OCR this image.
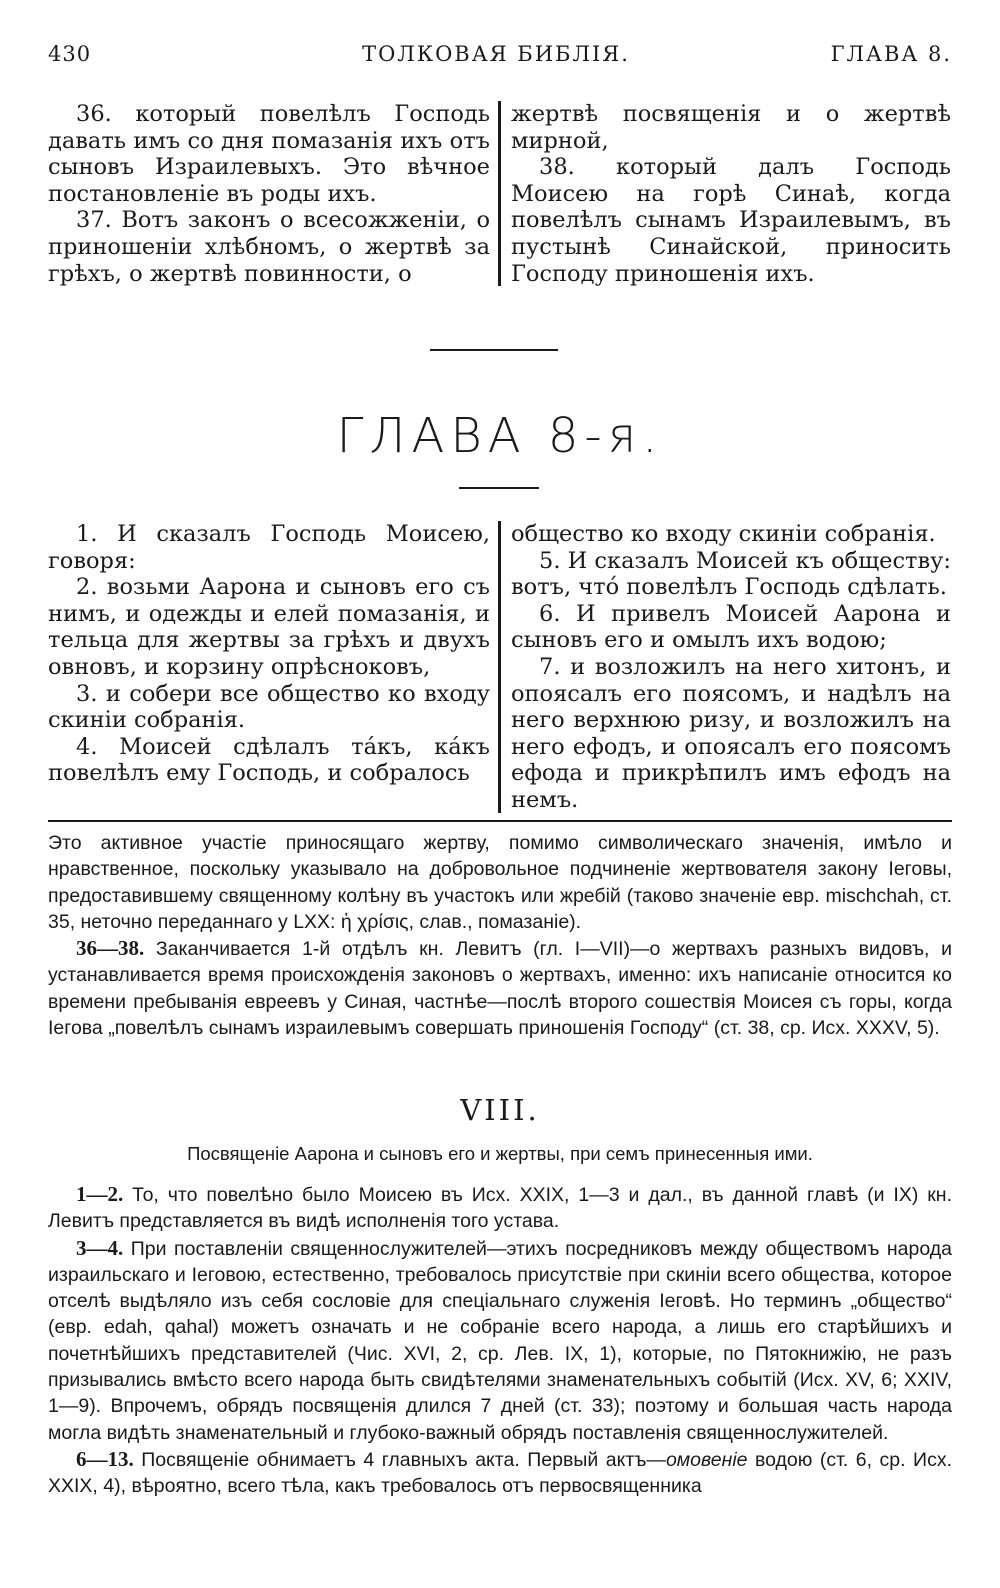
430	ТОЛКОВАЯ БИБЛІЯ.	ГЛАВА 8.

36. который повелѣлъ Господь давать имъ со дня помазанія ихъ отъ сыновъ Израилевыхъ. Это вѣчное постановленіе въ роды ихъ.

37. Вотъ законъ о всесожженіи, о приношеніи хлѣбномъ, о жертвѣ за грѣхъ, о жертвѣ повинности, о

жертвѣ посвященія и о жертвѣ мирной,

38. который далъ Господь Моисею на горѣ Синаѣ, когда повелѣлъ сынамъ Израилевымъ, въ пустынѣ Синайской, приносить Господу приношенія ихъ.

ГЛАВА 8-я.

1. И сказалъ Господь Моисею, говоря:

2. возьми Аарона и сыновъ его съ нимъ, и одежды и елей помазанія, и тельца для жертвы за грѣхъ и двухъ овновъ, и корзину опрѣсноковъ,

3. и собери все общество ко входу скиніи собранія.

4. Моисей сдѣлалъ тáкъ, кáкъ повелѣлъ ему Господь, и собралось

общество ко входу скиніи собранія.

5. И сказалъ Моисей къ обществу: вотъ, что́ повелѣлъ Господь сдѣлать.

6. И привелъ Моисей Аарона и сыновъ его и омылъ ихъ водою;

7. и возложилъ на него хитонъ, и опоясалъ его поясомъ, и надѣлъ на него верхнюю ризу, и возложилъ на него ефодъ, и опоясалъ его поясомъ ефода и прикрѣпилъ имъ ефодъ на немъ.

Это активное участіе приносящаго жертву, помимо символическаго значенія, имѣло и нравственное, поскольку указывало на добровольное подчиненіе жертвователя закону Іеговы, предоставившему священному колѣну въ участокъ или жребій (таково значеніе евр. mischchah, ст. 35, неточно переданнаго у LXX: ἡ χρίσις, слав., помазаніе).

36—38. Заканчивается 1-й отдѣлъ кн. Левитъ (гл. I—VII)—о жертвахъ разныхъ видовъ, и устанавливается время происхожденія законовъ о жертвахъ, именно: ихъ написаніе относится ко времени пребыванія евреевъ у Синая, частнѣе—послѣ второго сошествія Моисея съ горы, когда Іегова „повелѣлъ сынамъ израилевымъ совершать приношенія Господу“ (ст. 38, ср. Исх. XXXV, 5).

VIII.
Посвященіе Аарона и сыновъ его и жертвы, при семъ принесенныя ими.

1—2. То, что повелѣно было Моисею въ Исх. XXIX, 1—3 и дал., въ данной главѣ (и IX) кн. Левитъ представляется въ видѣ исполненія того устава.

3—4. При поставленіи священнослужителей—этихъ посредниковъ между обществомъ народа израильскаго и Іеговою, естественно, требовалось присутствіе при скиніи всего общества, которое отселѣ выдѣляло изъ себя сословіе для спеціальнаго служенія Іеговѣ. Но терминъ „общество“ (евр. edah, qahal) можетъ означать и не собраніе всего народа, а лишь его старѣйшихъ и почетнѣйшихъ представителей (Чис. XVI, 2, ср. Лев. IX, 1), которые, по Пятокнижію, не разъ призывались вмѣсто всего народа быть свидѣтелями знаменательныхъ событій (Исх. XV, 6; XXIV, 1—9). Впрочемъ, обрядъ посвященія длился 7 дней (ст. 33); поэтому и большая часть народа могла видѣть знаменательный и глубоко-важный обрядъ поставленія священнослужителей.

6—13. Посвященіе обнимаетъ 4 главныхъ акта. Первый актъ—омовеніе водою (ст. 6, ср. Исх. XXIX, 4), вѣроятно, всего тѣла, какъ требовалось отъ первосвященника
